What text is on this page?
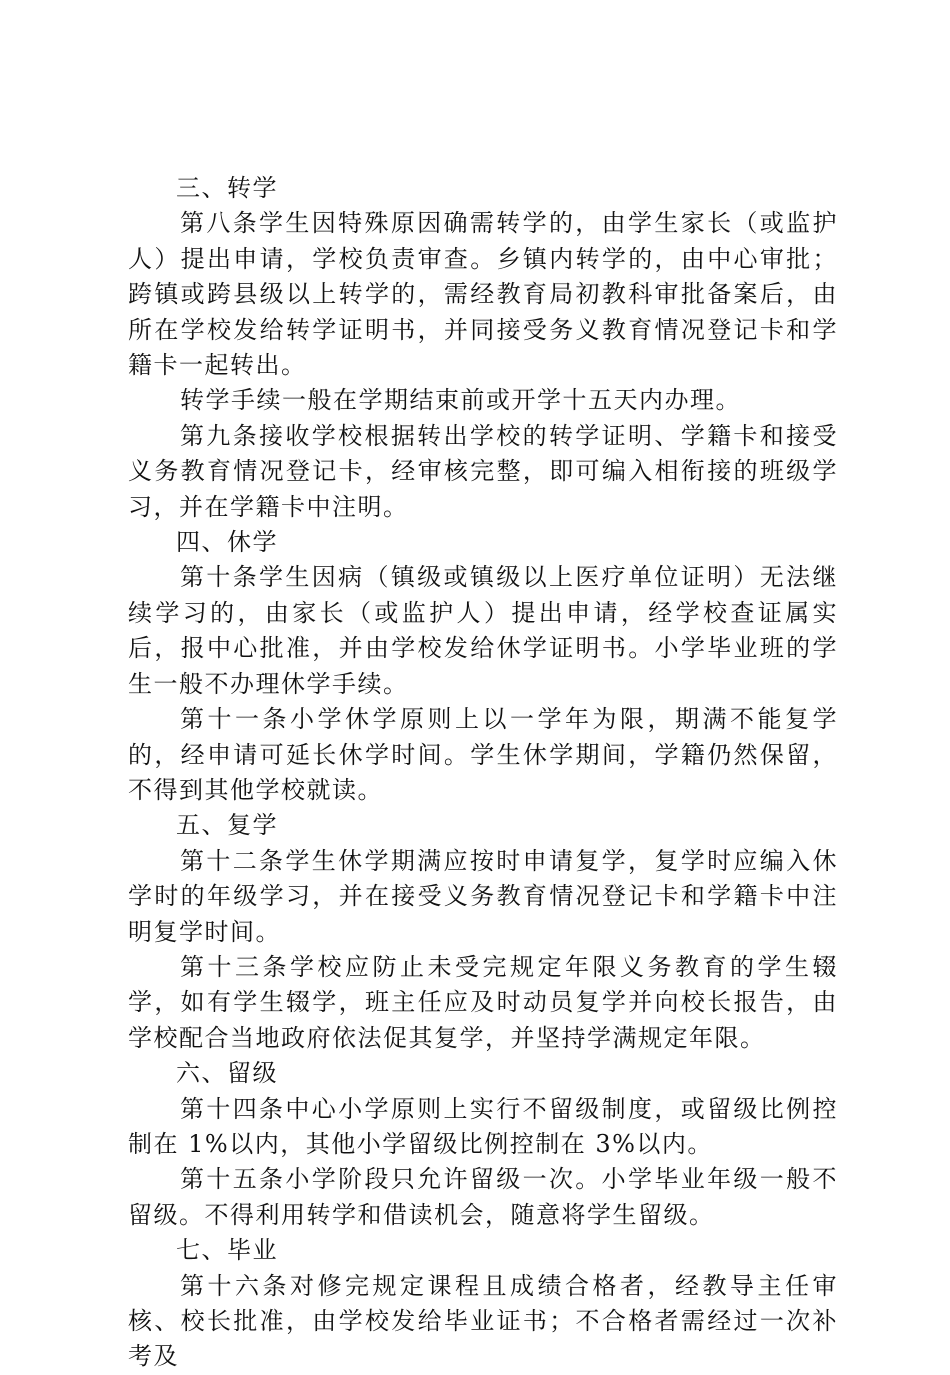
三、转学

第八条学生因特殊原因确需转学的，由学生家长（或监护人）提出申请，学校负责审查。乡镇内转学的，由中心审批；跨镇或跨县级以上转学的，需经教育局初教科审批备案后，由所在学校发给转学证明书，并同接受务义教育情况登记卡和学籍卡一起转出。

转学手续一般在学期结束前或开学十五天内办理。

第九条接收学校根据转出学校的转学证明、学籍卡和接受义务教育情况登记卡，经审核完整，即可编入相衔接的班级学习，并在学籍卡中注明。

四、休学

第十条学生因病（镇级或镇级以上医疗单位证明）无法继续学习的，由家长（或监护人）提出申请，经学校查证属实后，报中心批准，并由学校发给休学证明书。小学毕业班的学生一般不办理休学手续。

第十一条小学休学原则上以一学年为限，期满不能复学的，经申请可延长休学时间。学生休学期间，学籍仍然保留，不得到其他学校就读。

五、复学

第十二条学生休学期满应按时申请复学，复学时应编入休学时的年级学习，并在接受义务教育情况登记卡和学籍卡中注明复学时间。

第十三条学校应防止未受完规定年限义务教育的学生辍学，如有学生辍学，班主任应及时动员复学并向校长报告，由学校配合当地政府依法促其复学，并坚持学满规定年限。

六、留级

第十四条中心小学原则上实行不留级制度，或留级比例控制在 1%以内，其他小学留级比例控制在 3%以内。

第十五条小学阶段只允许留级一次。小学毕业年级一般不留级。不得利用转学和借读机会，随意将学生留级。

七、毕业

第十六条对修完规定课程且成绩合格者，经教导主任审核、校长批准，由学校发给毕业证书；不合格者需经过一次补考及
